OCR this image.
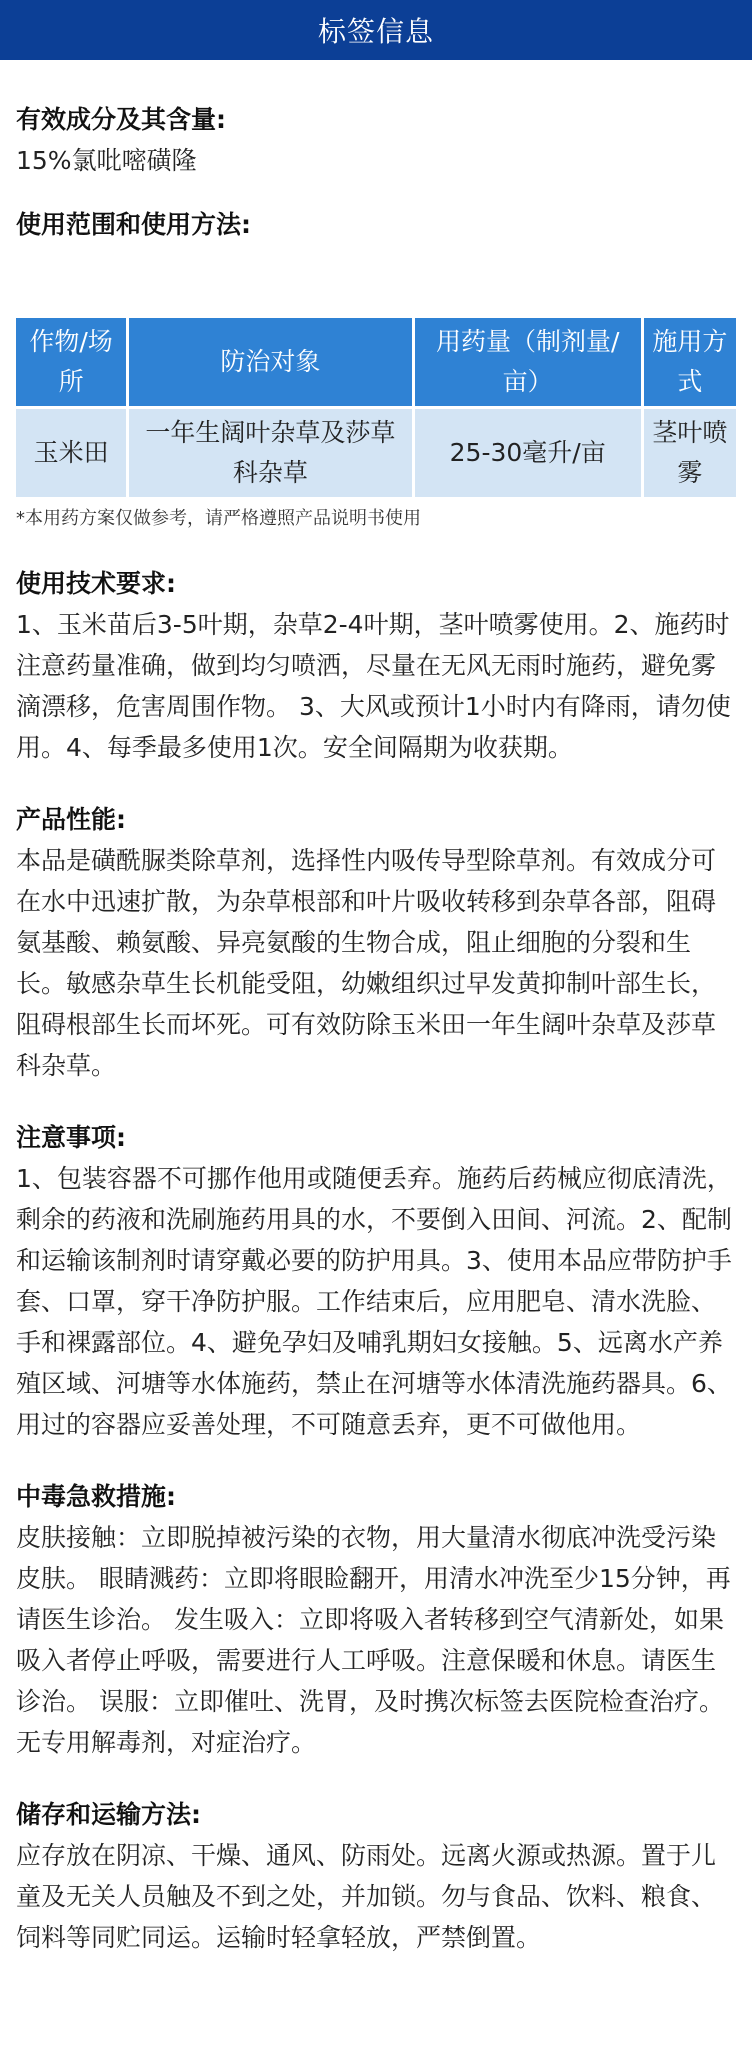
标签信息
有效成分及其含量:
15%氯吡嘧磺隆
使用范围和使用方法:
作物/场所	防治对象	用药量（制剂量/亩）	施用方式
玉米田	一年生阔叶杂草及莎草科杂草	25-30毫升/亩	茎叶喷雾
*本用药方案仅做参考，请严格遵照产品说明书使用
使用技术要求:
1、玉米苗后3-5叶期，杂草2-4叶期，茎叶喷雾使用。2、施药时注意药量准确，做到均匀喷洒，尽量在无风无雨时施药，避免雾滴漂移，危害周围作物。 3、大风或预计1小时内有降雨，请勿使用。4、每季最多使用1次。安全间隔期为收获期。
产品性能:
本品是磺酰脲类除草剂，选择性内吸传导型除草剂。有效成分可在水中迅速扩散，为杂草根部和叶片吸收转移到杂草各部，阻碍氨基酸、赖氨酸、异亮氨酸的生物合成，阻止细胞的分裂和生长。敏感杂草生长机能受阻，幼嫩组织过早发黄抑制叶部生长，阻碍根部生长而坏死。可有效防除玉米田一年生阔叶杂草及莎草科杂草。
注意事项:
1、包装容器不可挪作他用或随便丢弃。施药后药械应彻底清洗，剩余的药液和洗刷施药用具的水，不要倒入田间、河流。2、配制和运输该制剂时请穿戴必要的防护用具。3、使用本品应带防护手套、口罩，穿干净防护服。工作结束后，应用肥皂、清水洗脸、手和裸露部位。4、避免孕妇及哺乳期妇女接触。5、远离水产养殖区域、河塘等水体施药，禁止在河塘等水体清洗施药器具。6、用过的容器应妥善处理，不可随意丢弃，更不可做他用。
中毒急救措施:
皮肤接触：立即脱掉被污染的衣物，用大量清水彻底冲洗受污染皮肤。 眼睛溅药：立即将眼睑翻开，用清水冲洗至少15分钟，再请医生诊治。 发生吸入：立即将吸入者转移到空气清新处，如果吸入者停止呼吸，需要进行人工呼吸。注意保暖和休息。请医生诊治。 误服：立即催吐、洗胃，及时携次标签去医院检查治疗。无专用解毒剂，对症治疗。
储存和运输方法:
应存放在阴凉、干燥、通风、防雨处。远离火源或热源。置于儿童及无关人员触及不到之处，并加锁。勿与食品、饮料、粮食、饲料等同贮同运。运输时轻拿轻放，严禁倒置。
